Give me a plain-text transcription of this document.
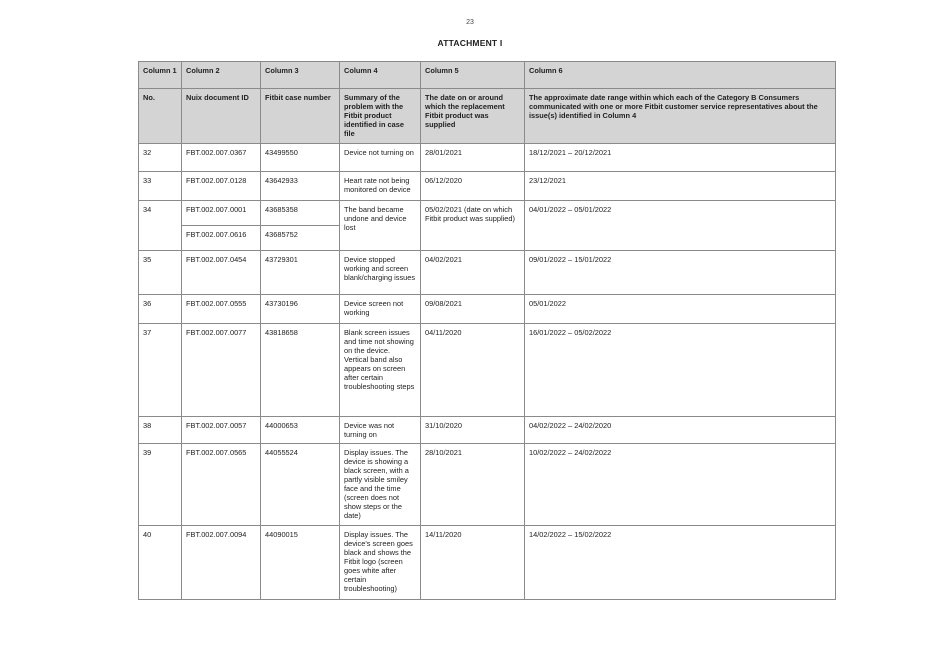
23
ATTACHMENT I
Column 1	Column 2	Column 3	Column 4	Column 5	Column 6
No.	Nuix document ID	Fitbit case number	Summary of the problem with the Fitbit product identified in case file	The date on or around which the replacement Fitbit product was supplied	The approximate date range within which each of the Category B Consumers communicated with one or more Fitbit customer service representatives about the issue(s) identified in Column 4
32	FBT.002.007.0367	43499550	Device not turning on	28/01/2021	18/12/2021 – 20/12/2021
33	FBT.002.007.0128	43642933	Heart rate not being monitored on device	06/12/2020	23/12/2021
34	FBT.002.007.0001	43685358	The band became undone and device lost	05/02/2021 (date on which Fitbit product was supplied)	04/01/2022 – 05/01/2022
	FBT.002.007.0616	43685752			
35	FBT.002.007.0454	43729301	Device stopped working and screen blank/charging issues	04/02/2021	09/01/2022 – 15/01/2022
36	FBT.002.007.0555	43730196	Device screen not working	09/08/2021	05/01/2022
37	FBT.002.007.0077	43818658	Blank screen issues and time not showing on the device. Vertical band also appears on screen after certain troubleshooting steps	04/11/2020	16/01/2022 – 05/02/2022
38	FBT.002.007.0057	44000653	Device was not turning on	31/10/2020	04/02/2022 – 24/02/2020
39	FBT.002.007.0565	44055524	Display issues. The device is showing a black screen, with a partly visible smiley face and the time (screen does not show steps or the date)	28/10/2021	10/02/2022 – 24/02/2022
40	FBT.002.007.0094	44090015	Display issues. The device's screen goes black and shows the Fitbit logo (screen goes white after certain troubleshooting)	14/11/2020	14/02/2022 – 15/02/2022
